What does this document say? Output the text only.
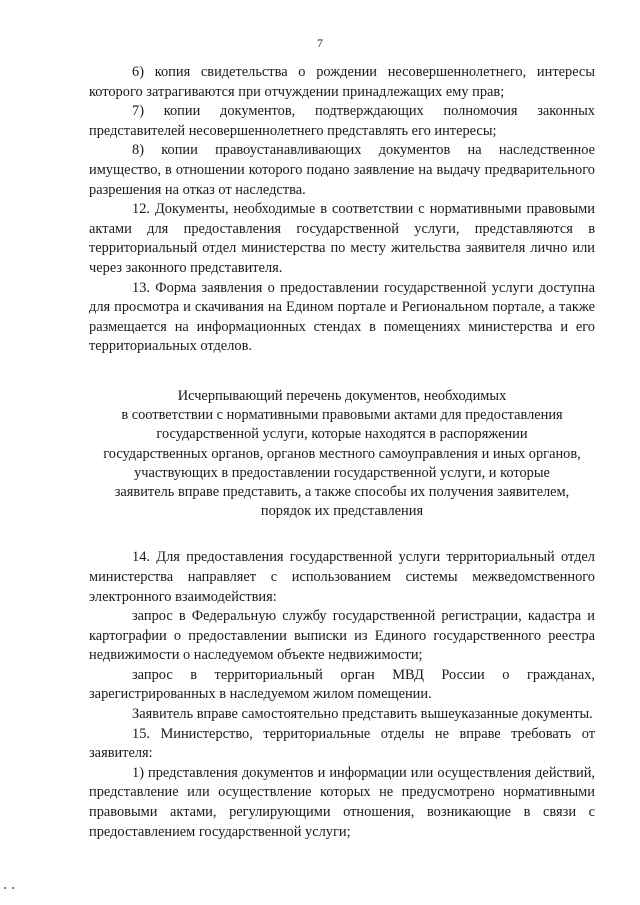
7

6) копия свидетельства о рождении несовершеннолетнего, интересы которого затрагиваются при отчуждении принадлежащих ему прав;

7) копии документов, подтверждающих полномочия законных представителей несовершеннолетнего представлять его интересы;

8) копии правоустанавливающих документов на наследственное имущество, в отношении которого подано заявление на выдачу предварительного разрешения на отказ от наследства.

12. Документы, необходимые в соответствии с нормативными правовыми актами для предоставления государственной услуги, представляются в территориальный отдел министерства по месту жительства заявителя лично или через законного представителя.

13. Форма заявления о предоставлении государственной услуги доступна для просмотра и скачивания на Едином портале и Региональном портале, а также размещается на информационных стендах в помещениях министерства и его территориальных отделов.

Исчерпывающий перечень документов, необходимых
в соответствии с нормативными правовыми актами для предоставления
государственной услуги, которые находятся в распоряжении
государственных органов, органов местного самоуправления и иных органов,
участвующих в предоставлении государственной услуги, и которые
заявитель вправе представить, а также способы их получения заявителем,
порядок их представления

14. Для предоставления государственной услуги территориальный отдел министерства направляет с использованием системы межведомственного электронного взаимодействия:

запрос в Федеральную службу государственной регистрации, кадастра и картографии о предоставлении выписки из Единого государственного реестра недвижимости о наследуемом объекте недвижимости;

запрос в территориальный орган МВД России о гражданах, зарегистрированных в наследуемом жилом помещении.

Заявитель вправе самостоятельно представить вышеуказанные документы.

15. Министерство, территориальные отделы не вправе требовать от заявителя:

1) представления документов и информации или осуществления действий, представление или осуществление которых не предусмотрено нормативными правовыми актами, регулирующими отношения, возникающие в связи с предоставлением государственной услуги;
